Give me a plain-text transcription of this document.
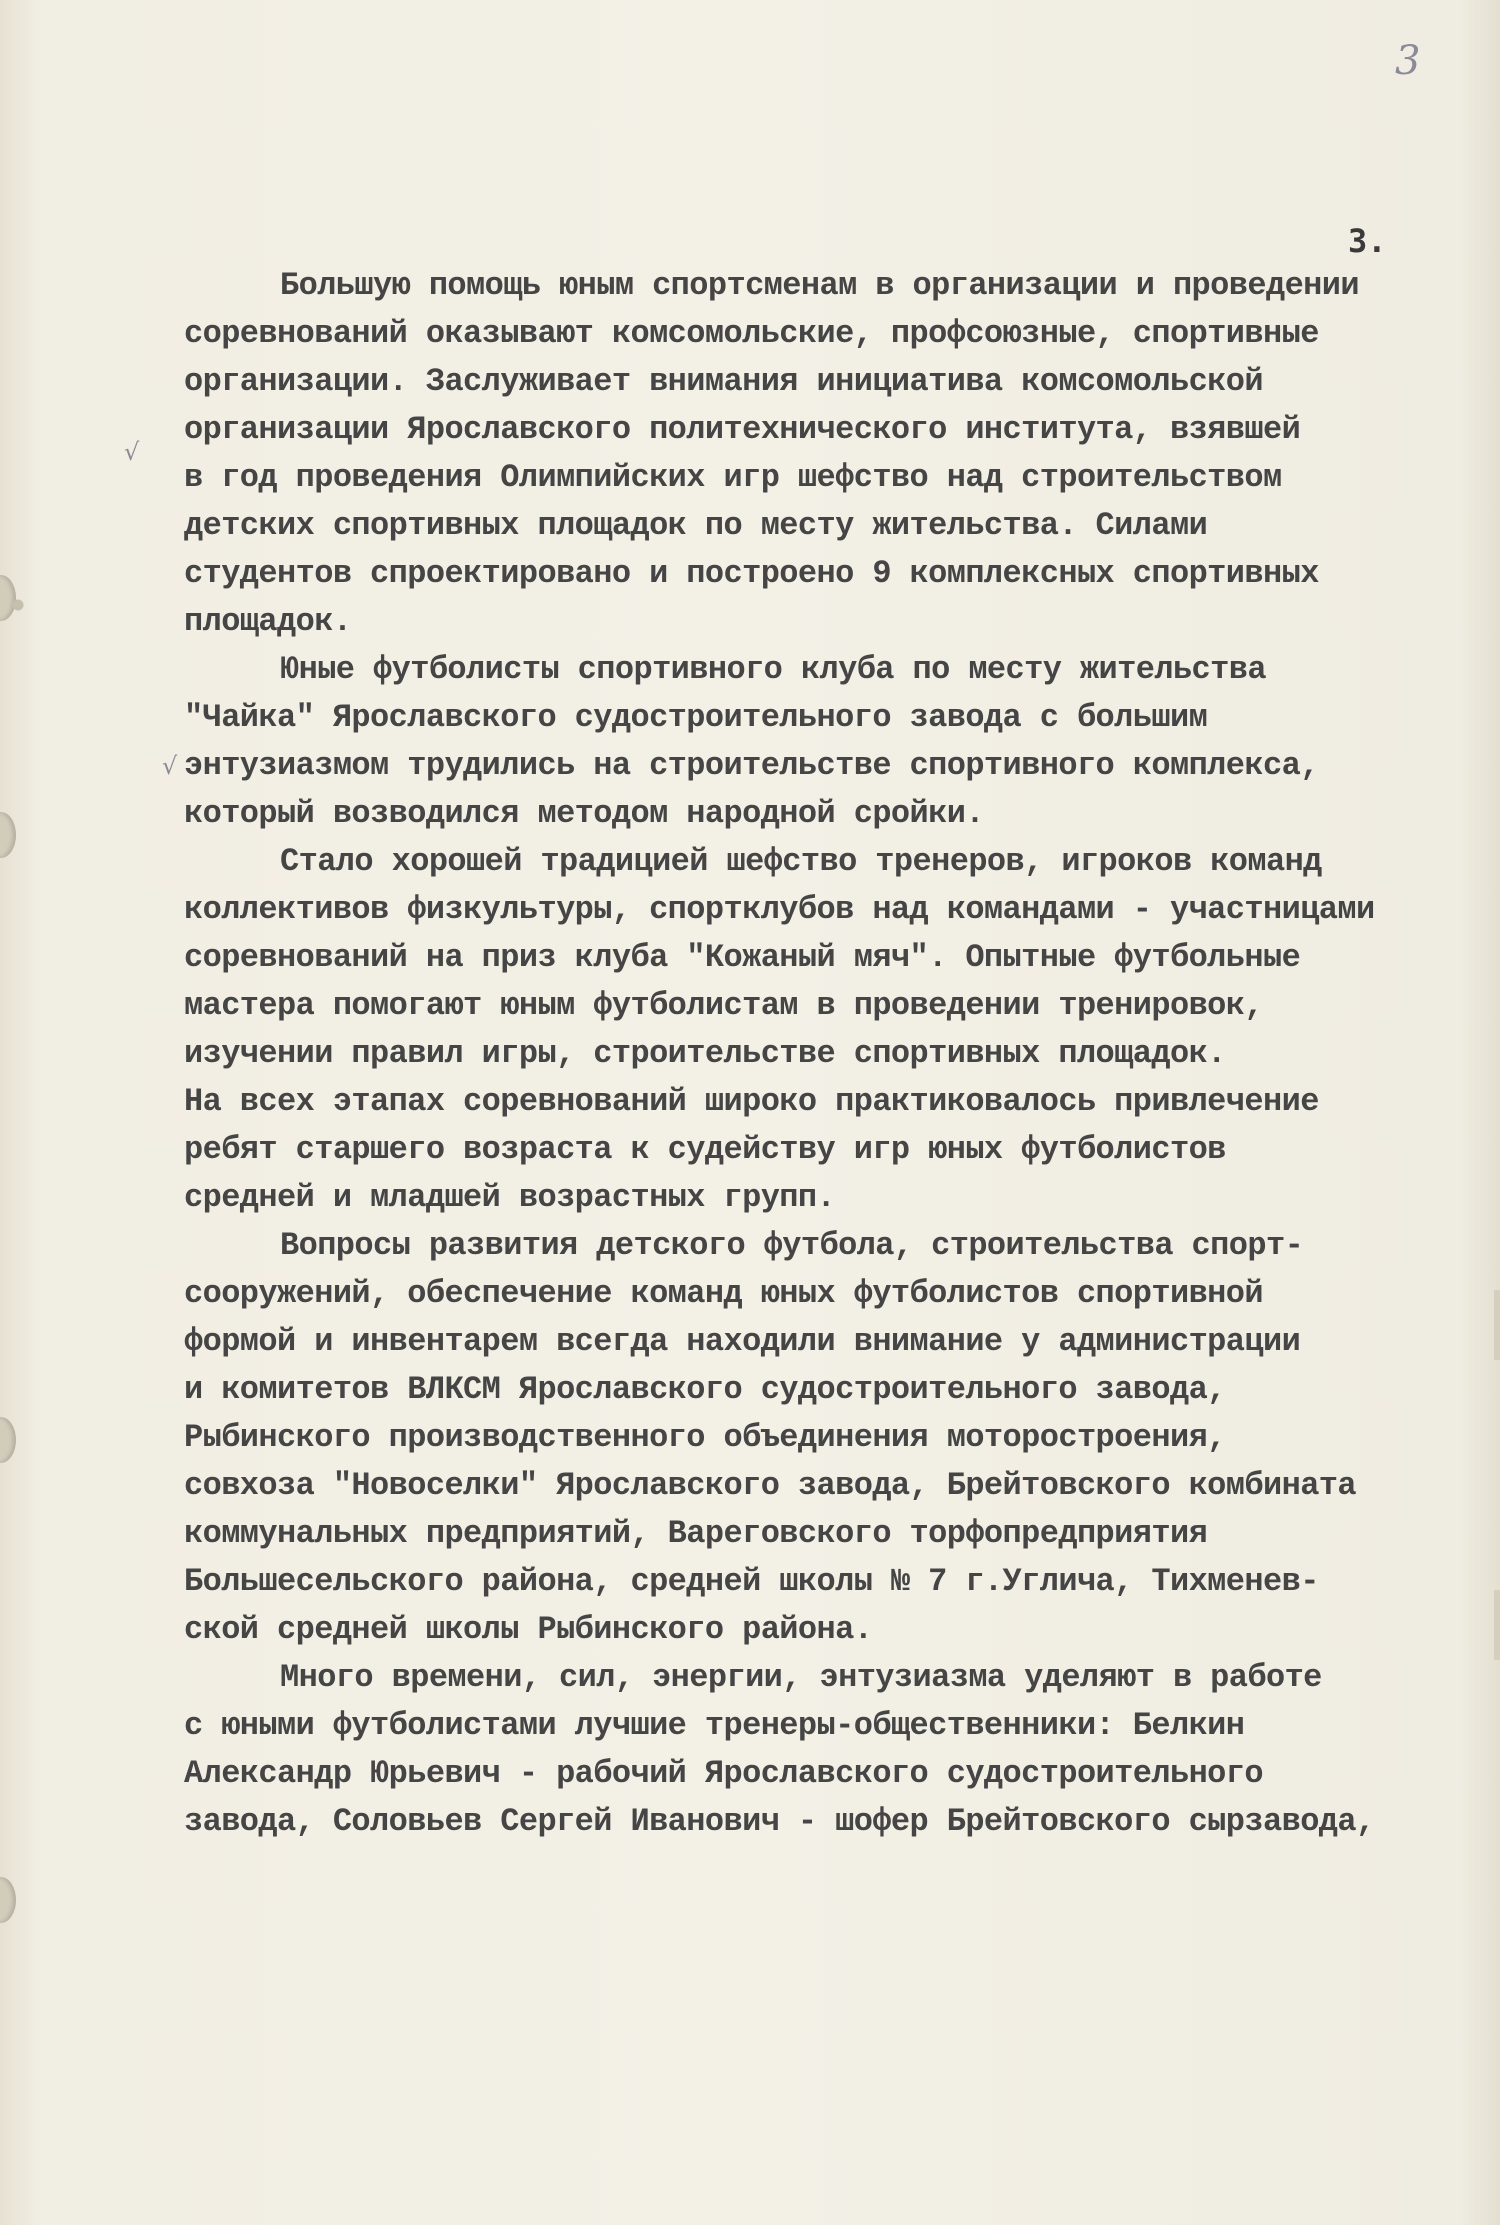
3
3.
√
√
Большую помощь юным спортсменам в организации и проведении
соревнований оказывают комсомольские, профсоюзные, спортивные
организации. Заслуживает внимания инициатива комсомольской
организации Ярославского политехнического института, взявшей
в год проведения Олимпийских игр шефство над строительством
детских спортивных площадок по месту жительства. Силами
студентов спроектировано и построено 9 комплексных спортивных
площадок.
Юные футболисты спортивного клуба по месту жительства
"Чайка" Ярославского судостроительного завода с большим
энтузиазмом трудились на строительстве спортивного комплекса,
который возводился методом народной сройки.
Стало хорошей традицией шефство тренеров, игроков команд
коллективов физкультуры, спортклубов над командами - участницами
соревнований на приз клуба "Кожаный мяч". Опытные футбольные
мастера помогают юным футболистам в проведении тренировок,
изучении правил игры, строительстве спортивных площадок.
На всех этапах соревнований широко практиковалось привлечение
ребят старшего возраста к судейству игр юных футболистов
средней и младшей возрастных групп.
Вопросы развития детского футбола, строительства спорт-
сооружений, обеспечение команд юных футболистов спортивной
формой и инвентарем всегда находили внимание у администрации
и комитетов ВЛКСМ Ярославского судостроительного завода,
Рыбинского производственного объединения моторостроения,
совхоза "Новоселки" Ярославского завода, Брейтовского комбината
коммунальных предприятий, Вареговского торфопредприятия
Большесельского района, средней школы № 7 г.Углича, Тихменев-
ской средней школы Рыбинского района.
Много времени, сил, энергии, энтузиазма уделяют в работе
с юными футболистами лучшие тренеры-общественники: Белкин
Александр Юрьевич - рабочий Ярославского судостроительного
завода, Соловьев Сергей Иванович - шофер Брейтовского сырзавода,
